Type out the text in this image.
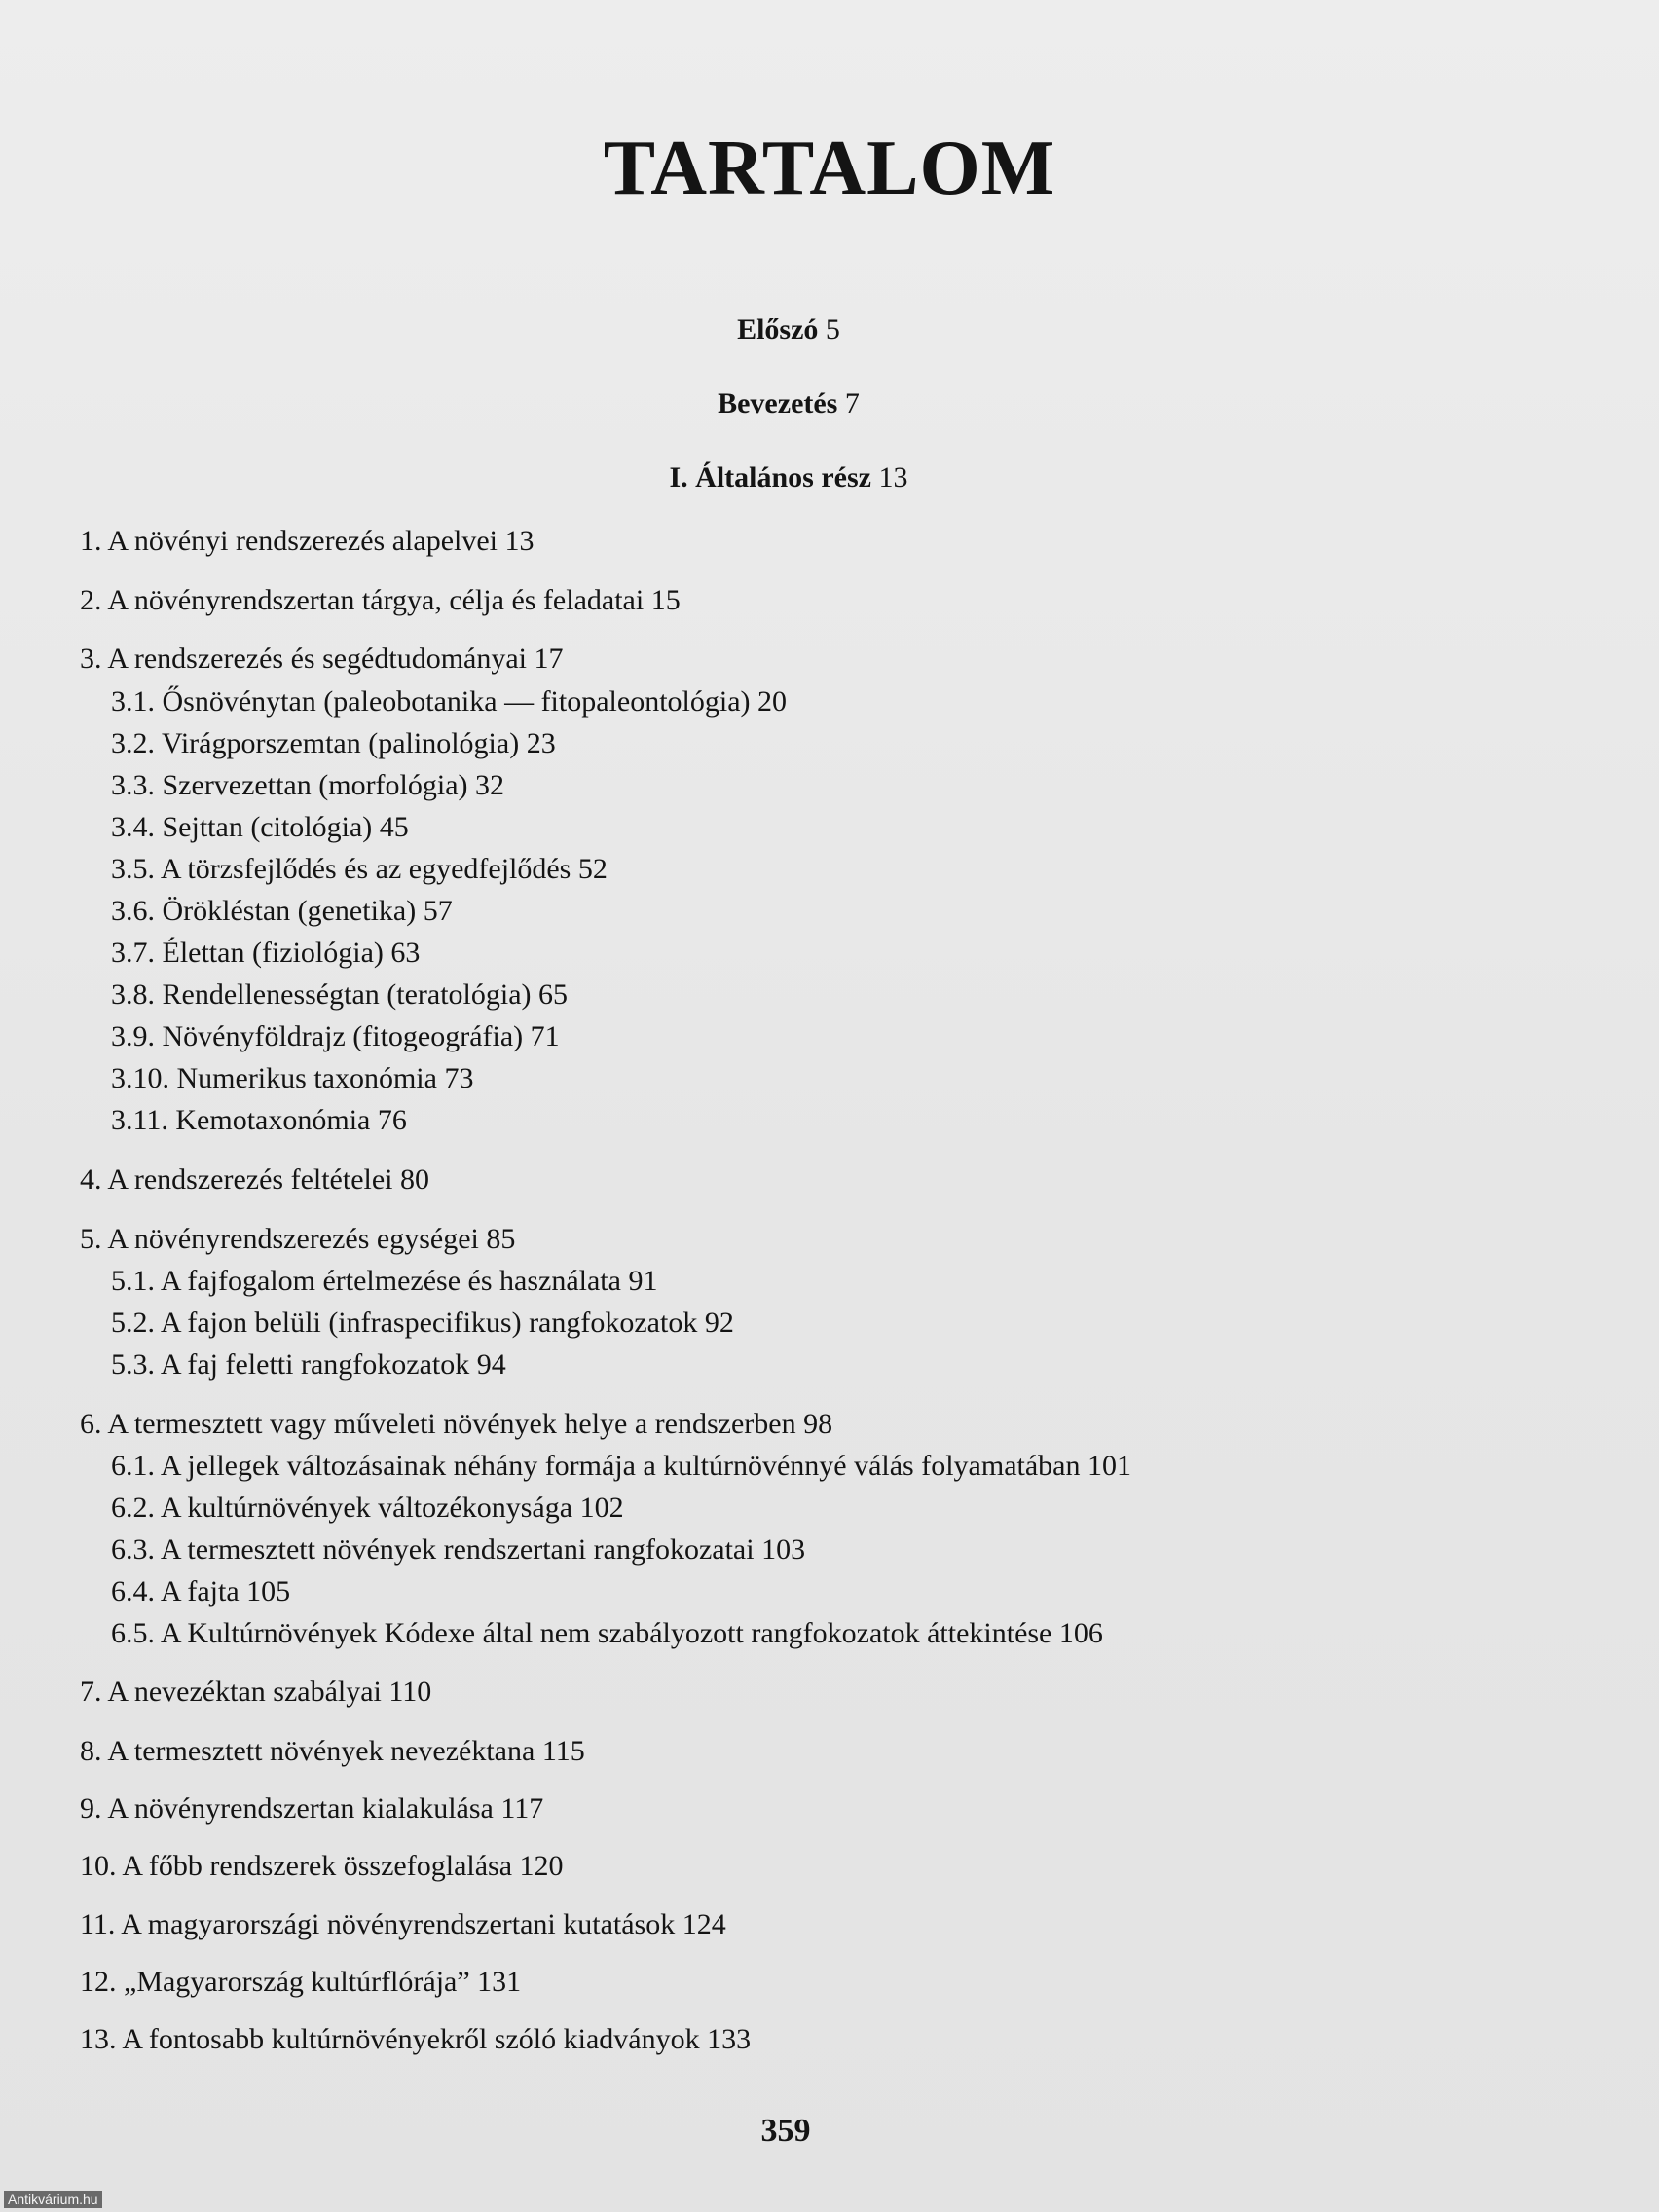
TARTALOM
Előszó 5
Bevezetés 7
I. Általános rész 13
1. A növényi rendszerezés alapelvei 13
2. A növényrendszertan tárgya, célja és feladatai 15
3. A rendszerezés és segédtudományai 17
3.1. Ősnövénytan (paleobotanika — fitopaleontológia) 20
3.2. Virágporszemtan (palinológia) 23
3.3. Szervezettan (morfológia) 32
3.4. Sejttan (citológia) 45
3.5. A törzsfejlődés és az egyedfejlődés 52
3.6. Örökléstan (genetika) 57
3.7. Élettan (fiziológia) 63
3.8. Rendellenességtan (teratológia) 65
3.9. Növényföldrajz (fitogeográfia) 71
3.10. Numerikus taxonómia 73
3.11. Kemotaxonómia 76
4. A rendszerezés feltételei 80
5. A növényrendszerezés egységei 85
5.1. A fajfogalom értelmezése és használata 91
5.2. A fajon belüli (infraspecifikus) rangfokozatok 92
5.3. A faj feletti rangfokozatok 94
6. A termesztett vagy műveleti növények helye a rendszerben 98
6.1. A jellegek változásainak néhány formája a kultúrnövénnyé válás folyamatában 101
6.2. A kultúrnövények változékonysága 102
6.3. A termesztett növények rendszertani rangfokozatai 103
6.4. A fajta 105
6.5. A Kultúrnövények Kódexe által nem szabályozott rangfokozatok áttekintése 106
7. A nevezéktan szabályai 110
8. A termesztett növények nevezéktana 115
9. A növényrendszertan kialakulása 117
10. A főbb rendszerek összefoglalása 120
11. A magyarországi növényrendszertani kutatások 124
12. „Magyarország kultúrflórája” 131
13. A fontosabb kultúrnövényekről szóló kiadványok 133
359
Antikvárium.hu
